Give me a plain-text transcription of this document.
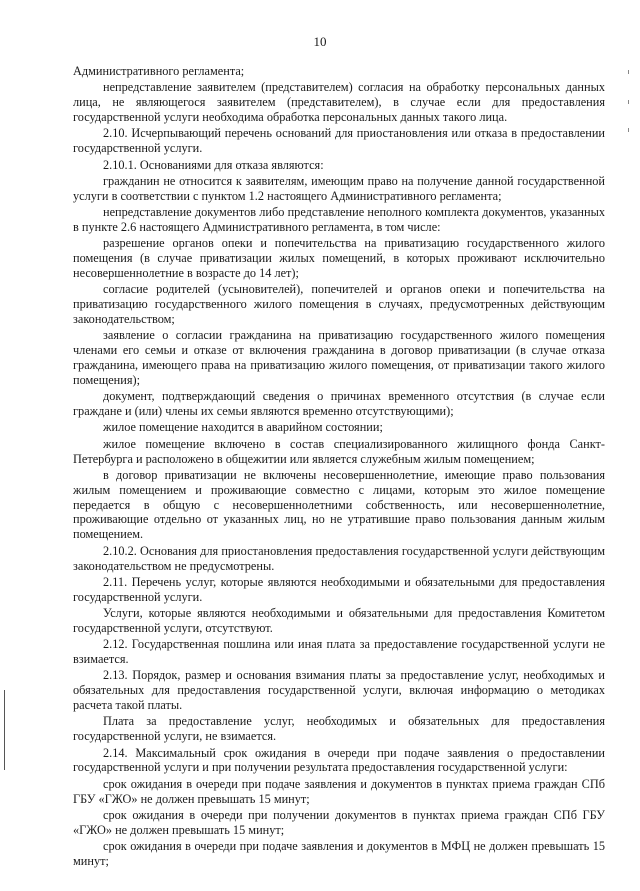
10

Административного регламента;

непредставление заявителем (представителем) согласия на обработку персональных данных лица, не являющегося заявителем (представителем), в случае если для предоставления государственной услуги необходима обработка персональных данных такого лица.

2.10. Исчерпывающий перечень оснований для приостановления или отказа в предоставлении государственной услуги.

2.10.1. Основаниями для отказа являются:

гражданин не относится к заявителям, имеющим право на получение данной государственной услуги в соответствии с пунктом 1.2 настоящего Административного регламента;

непредставление документов либо представление неполного комплекта документов, указанных в пункте 2.6 настоящего Административного регламента, в том числе:

разрешение органов опеки и попечительства на приватизацию государственного жилого помещения (в случае приватизации жилых помещений, в которых проживают исключительно несовершеннолетние в возрасте до 14 лет);

согласие родителей (усыновителей), попечителей и органов опеки и попечительства на приватизацию государственного жилого помещения в случаях, предусмотренных действующим законодательством;

заявление о согласии гражданина на приватизацию государственного жилого помещения членами его семьи и отказе от включения гражданина в договор приватизации (в случае отказа гражданина, имеющего права на приватизацию жилого помещения, от приватизации такого жилого помещения);

документ, подтверждающий сведения о причинах временного отсутствия (в случае если граждане и (или) члены их семьи являются временно отсутствующими);

жилое помещение находится в аварийном состоянии;

жилое помещение включено в состав специализированного жилищного фонда Санкт-Петербурга и расположено в общежитии или является служебным жилым помещением;

в договор приватизации не включены несовершеннолетние, имеющие право пользования жилым помещением и проживающие совместно с лицами, которым это жилое помещение передается в общую с несовершеннолетними собственность, или несовершеннолетние, проживающие отдельно от указанных лиц, но не утратившие право пользования данным жилым помещением.

2.10.2. Основания для приостановления предоставления государственной услуги действующим законодательством не предусмотрены.

2.11. Перечень услуг, которые являются необходимыми и обязательными для предоставления государственной услуги.

Услуги, которые являются необходимыми и обязательными для предоставления Комитетом государственной услуги, отсутствуют.

2.12. Государственная пошлина или иная плата за предоставление государственной услуги не взимается.

2.13. Порядок, размер и основания взимания платы за предоставление услуг, необходимых и обязательных для предоставления государственной услуги, включая информацию о методиках расчета такой платы.

Плата за предоставление услуг, необходимых и обязательных для предоставления государственной услуги, не взимается.

2.14. Максимальный срок ожидания в очереди при подаче заявления о предоставлении государственной услуги и при получении результата предоставления государственной услуги:

срок ожидания в очереди при подаче заявления и документов в пунктах приема граждан СПб ГБУ «ГЖО» не должен превышать 15 минут;

срок ожидания в очереди при получении документов в пунктах приема граждан СПб ГБУ «ГЖО» не должен превышать 15 минут;

срок ожидания в очереди при подаче заявления и документов в МФЦ не должен превышать 15 минут;
